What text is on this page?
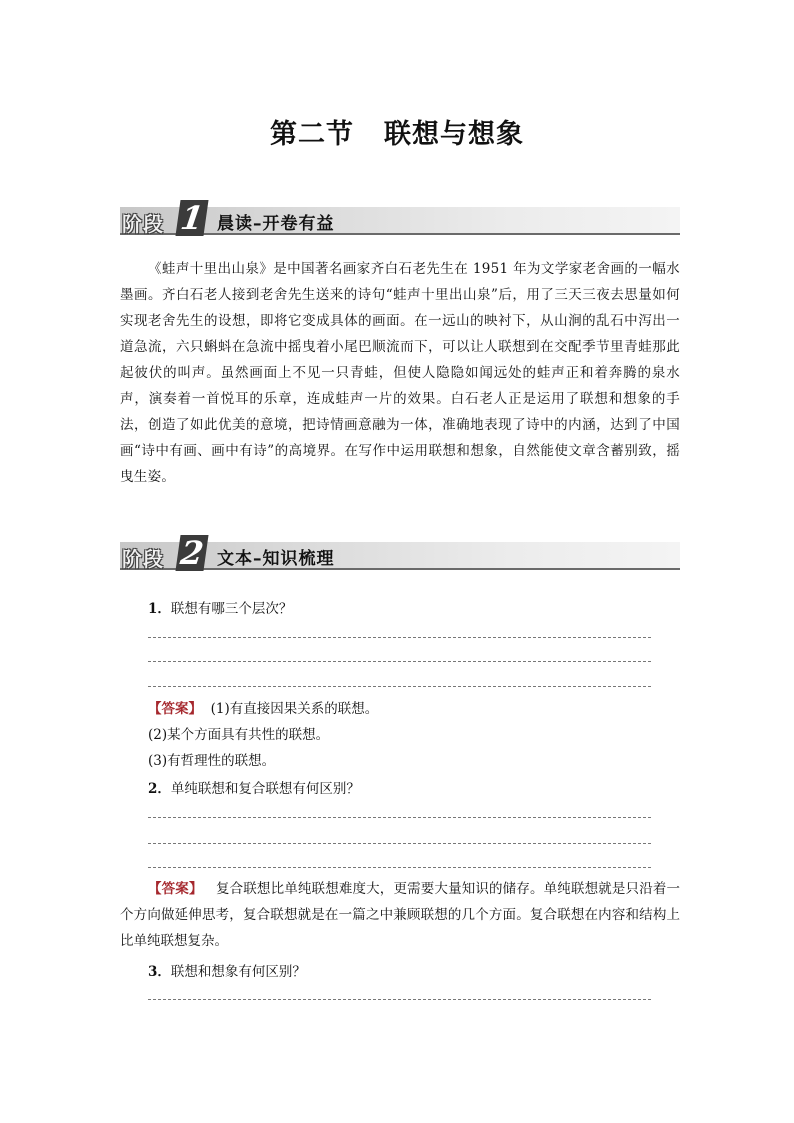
第二节 联想与想象
阶段 1 晨读–开卷有益
《蛙声十里出山泉》是中国著名画家齐白石老先生在 1951 年为文学家老舍画的一幅水墨画。齐白石老人接到老舍先生送来的诗句“蛙声十里出山泉”后，用了三天三夜去思量如何实现老舍先生的设想，即将它变成具体的画面。在一远山的映衬下，从山涧的乱石中泻出一道急流，六只蝌蚪在急流中摇曳着小尾巴顺流而下，可以让人联想到在交配季节里青蛙那此起彼伏的叫声。虽然画面上不见一只青蛙，但使人隐隐如闻远处的蛙声正和着奔腾的泉水声，演奏着一首悦耳的乐章，连成蛙声一片的效果。白石老人正是运用了联想和想象的手法，创造了如此优美的意境，把诗情画意融为一体，准确地表现了诗中的内涵，达到了中国画“诗中有画、画中有诗”的高境界。在写作中运用联想和想象，自然能使文章含蓄别致，摇曳生姿。
阶段 2 文本–知识梳理
1．联想有哪三个层次？
【答案】 (1)有直接因果关系的联想。
(2)某个方面具有共性的联想。
(3)有哲理性的联想。
2．单纯联想和复合联想有何区别？
【答案】 复合联想比单纯联想难度大，更需要大量知识的储存。单纯联想就是只沿着一个方向做延伸思考，复合联想就是在一篇之中兼顾联想的几个方面。复合联想在内容和结构上比单纯联想复杂。
3．联想和想象有何区别？
